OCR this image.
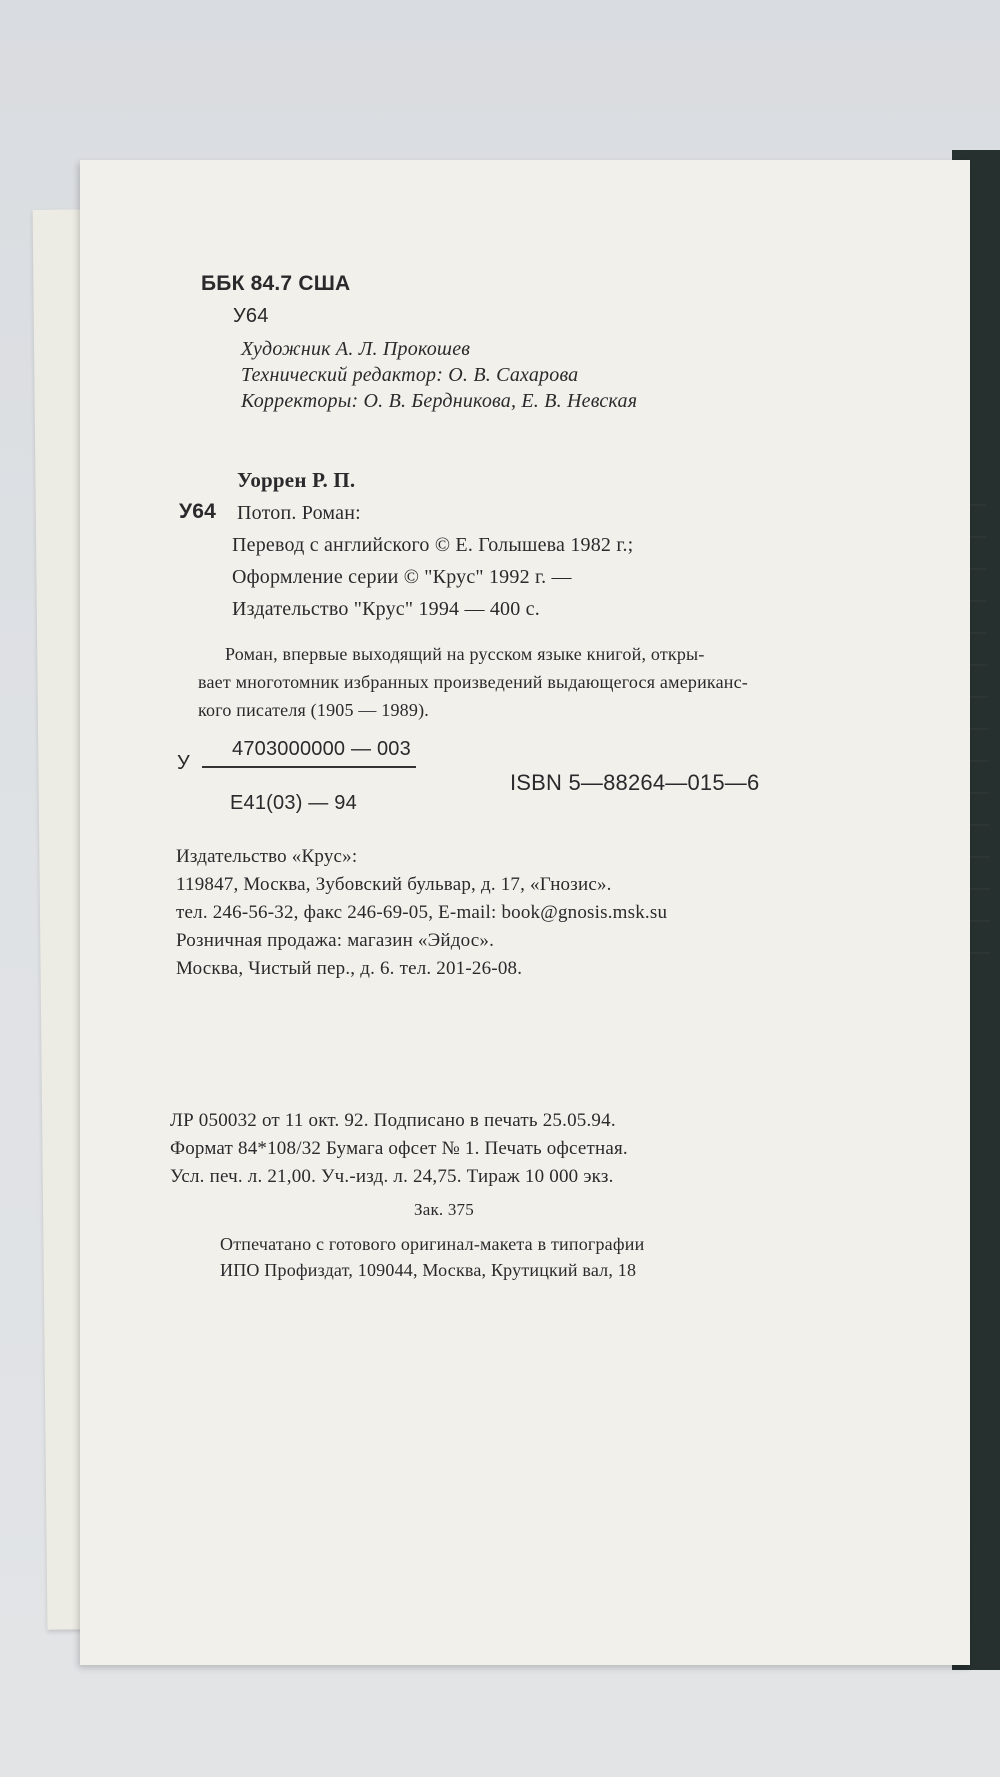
ББК 84.7 США
У64
Художник А. Л. Прокошев
Технический редактор: О. В. Сахарова
Корректоры: О. В. Бердникова, Е. В. Невская
Уоррен Р. П.
У64 Потоп. Роман:
Перевод с английского © Е. Голышева 1982 г.;
Оформление серии © "Крус" 1992 г. —
Издательство "Крус" 1994 — 400 с.
Роман, впервые выходящий на русском языке книгой, откры-
вает многотомник избранных произведений выдающегося американс-
кого писателя (1905 — 1989).
У
4703000000 — 003
Е41(03) — 94
ISBN 5—88264—015—6
Издательство «Крус»:
119847, Москва, Зубовский бульвар, д. 17, «Гнозис».
тел. 246-56-32, факс 246-69-05, E-mail: book@gnosis.msk.su
Розничная продажа: магазин «Эйдос».
Москва, Чистый пер., д. 6. тел. 201-26-08.
ЛР 050032 от 11 окт. 92. Подписано в печать 25.05.94.
Формат 84*108/32 Бумага офсет № 1. Печать офсетная.
Усл. печ. л. 21,00. Уч.-изд. л. 24,75. Тираж 10 000 экз.
Зак. 375
Отпечатано с готового оригинал-макета в типографии
ИПО Профиздат, 109044, Москва, Крутицкий вал, 18
